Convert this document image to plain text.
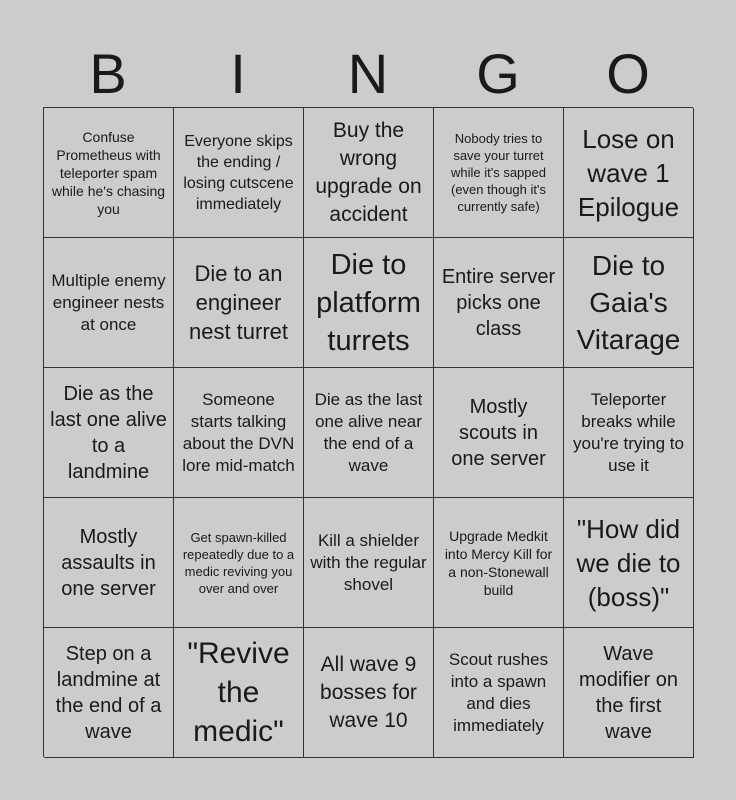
B	I	N	G	O
Confuse Prometheus with teleporter spam while he's chasing you
Everyone skips the ending / losing cutscene immediately
Buy the wrong upgrade on accident
Nobody tries to save your turret while it's sapped (even though it's currently safe)
Lose on wave 1 Epilogue
Multiple enemy engineer nests at once
Die to an engineer nest turret
Die to platform turrets
Entire server picks one class
Die to Gaia's Vitarage
Die as the last one alive to a landmine
Someone starts talking about the DVN lore mid-match
Die as the last one alive near the end of a wave
Mostly scouts in one server
Teleporter breaks while you're trying to use it
Mostly assaults in one server
Get spawn-killed repeatedly due to a medic reviving you over and over
Kill a shielder with the regular shovel
Upgrade Medkit into Mercy Kill for a non-Stonewall build
"How did we die to (boss)"
Step on a landmine at the end of a wave
"Revive the medic"
All wave 9 bosses for wave 10
Scout rushes into a spawn and dies immediately
Wave modifier on the first wave
